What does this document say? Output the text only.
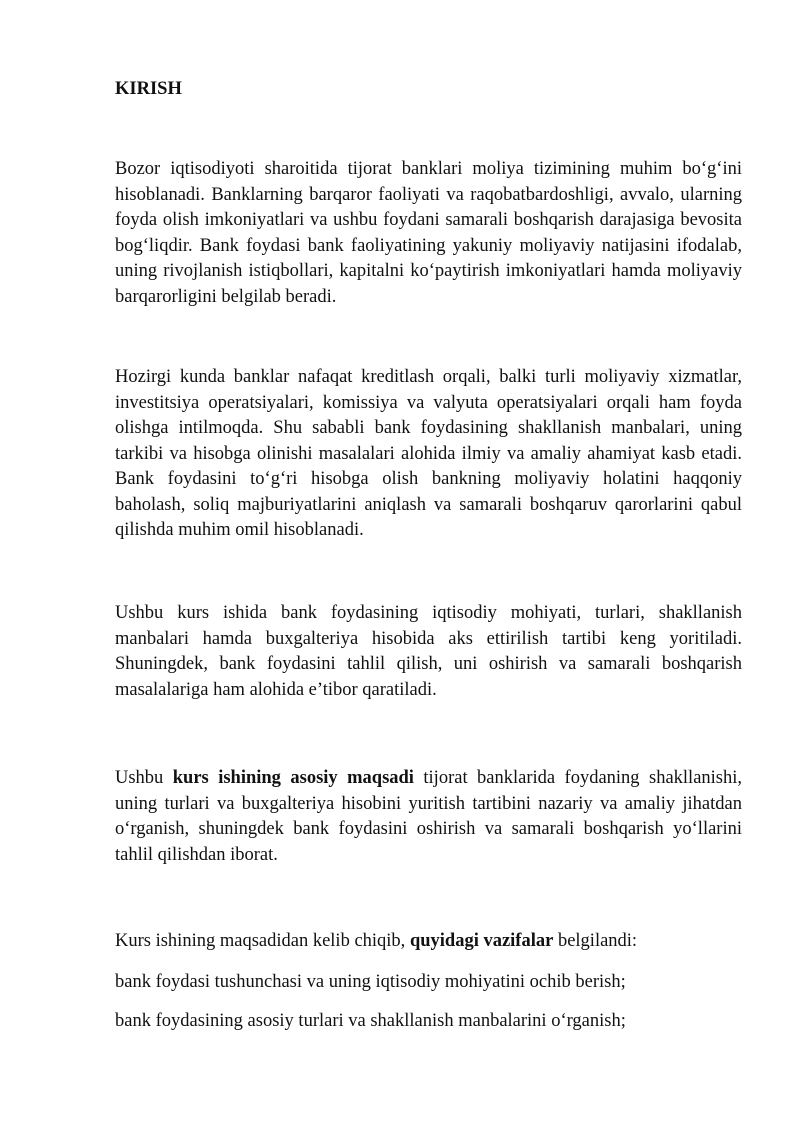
KIRISH

Bozor iqtisodiyoti sharoitida tijorat banklari moliya tizimining muhim bo‘g‘ini hisoblanadi. Banklarning barqaror faoliyati va raqobatbardoshligi, avvalo, ularning foyda olish imkoniyatlari va ushbu foydani samarali boshqarish darajasiga bevosita bog‘liqdir. Bank foydasi bank faoliyatining yakuniy moliyaviy natijasini ifodalab, uning rivojlanish istiqbollari, kapitalni ko‘paytirish imkoniyatlari hamda moliyaviy barqarorligini belgilab beradi.

Hozirgi kunda banklar nafaqat kreditlash orqali, balki turli moliyaviy xizmatlar, investitsiya operatsiyalari, komissiya va valyuta operatsiyalari orqali ham foyda olishga intilmoqda. Shu sababli bank foydasining shakllanish manbalari, uning tarkibi va hisobga olinishi masalalari alohida ilmiy va amaliy ahamiyat kasb etadi. Bank foydasini to‘g‘ri hisobga olish bankning moliyaviy holatini haqqoniy baholash, soliq majburiyatlarini aniqlash va samarali boshqaruv qarorlarini qabul qilishda muhim omil hisoblanadi.

Ushbu kurs ishida bank foydasining iqtisodiy mohiyati, turlari, shakllanish manbalari hamda buxgalteriya hisobida aks ettirilish tartibi keng yoritiladi. Shuningdek, bank foydasini tahlil qilish, uni oshirish va samarali boshqarish masalalariga ham alohida e’tibor qaratiladi.

Ushbu kurs ishining asosiy maqsadi tijorat banklarida foydaning shakllanishi, uning turlari va buxgalteriya hisobini yuritish tartibini nazariy va amaliy jihatdan o‘rganish, shuningdek bank foydasini oshirish va samarali boshqarish yo‘llarini tahlil qilishdan iborat.

Kurs ishining maqsadidan kelib chiqib, quyidagi vazifalar belgilandi:

bank foydasi tushunchasi va uning iqtisodiy mohiyatini ochib berish;

bank foydasining asosiy turlari va shakllanish manbalarini o‘rganish;
